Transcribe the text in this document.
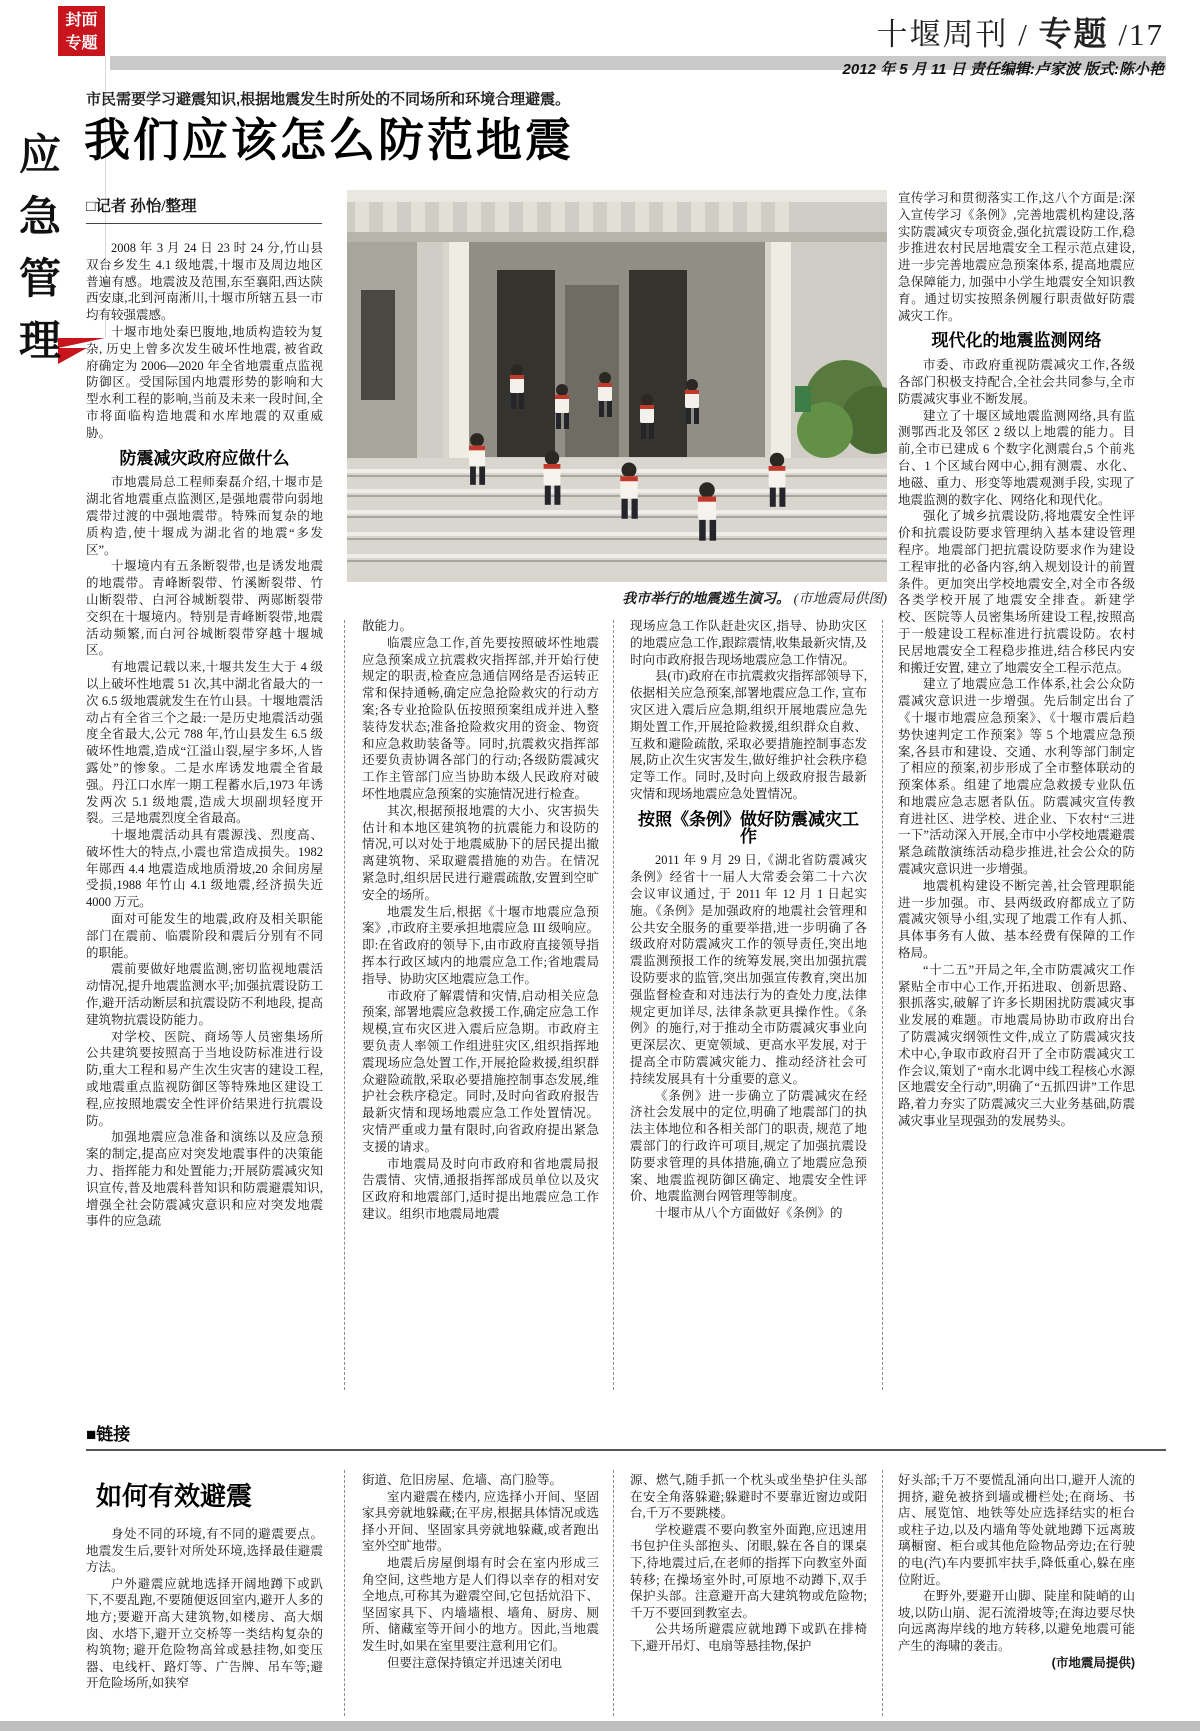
封面
专题
应急管理
十堰周刊 / 专题 /17
2012 年 5 月 11 日 责任编辑:卢家波 版式:陈小艳
市民需要学习避震知识,根据地震发生时所处的不同场所和环境合理避震。
我们应该怎么防范地震
□记者 孙怡/整理
我市举行的地震逃生演习。 (市地震局供图)

2008 年 3 月 24 日 23 时 24 分,竹山县双台乡发生 4.1 级地震,十堰市及周边地区普遍有感。地震波及范围,东至襄阳,西达陕西安康,北到河南淅川,十堰市所辖五县一市均有较强震感。

十堰市地处秦巴腹地,地质构造较为复杂, 历史上曾多次发生破坏性地震, 被省政府确定为 2006—2020 年全省地震重点监视防御区。受国际国内地震形势的影响和大型水利工程的影响,当前及未来一段时间,全市将面临构造地震和水库地震的双重威胁。

防震减灾政府应做什么

市地震局总工程师秦磊介绍,十堰市是湖北省地震重点监测区,是强地震带向弱地震带过渡的中强地震带。特殊而复杂的地质构造,使十堰成为湖北省的地震“多发区”。

十堰境内有五条断裂带,也是诱发地震的地震带。青峰断裂带、竹溪断裂带、竹山断裂带、白河谷城断裂带、两郧断裂带交织在十堰境内。特别是青峰断裂带,地震活动频繁,而白河谷城断裂带穿越十堰城区。

有地震记载以来,十堰共发生大于 4 级以上破坏性地震 51 次,其中湖北省最大的一次 6.5 级地震就发生在竹山县。十堰地震活动占有全省三个之最:一是历史地震活动强度全省最大,公元 788 年,竹山县发生 6.5 级破坏性地震,造成“江溢山裂,屋宇多坏,人皆露处”的惨象。二是水库诱发地震全省最强。丹江口水库一期工程蓄水后,1973 年诱发两次 5.1 级地震,造成大坝副坝轻度开裂。三是地震烈度全省最高。

十堰地震活动具有震源浅、烈度高、破坏性大的特点,小震也常造成损失。1982 年郧西 4.4 地震造成地质滑坡,20 余间房屋受损,1988 年竹山 4.1 级地震,经济损失近 4000 万元。

面对可能发生的地震,政府及相关职能部门在震前、临震阶段和震后分别有不同的职能。

震前要做好地震监测,密切监视地震活动情况,提升地震监测水平;加强抗震设防工作,避开活动断层和抗震设防不利地段, 提高建筑物抗震设防能力。

对学校、医院、商场等人员密集场所公共建筑要按照高于当地设防标准进行设防,重大工程和易产生次生灾害的建设工程,或地震重点监视防御区等特殊地区建设工程,应按照地震安全性评价结果进行抗震设防。

加强地震应急准备和演练以及应急预案的制定,提高应对突发地震事件的决策能力、指挥能力和处置能力;开展防震减灾知识宣传,普及地震科普知识和防震避震知识,增强全社会防震减灾意识和应对突发地震事件的应急疏

散能力。

临震应急工作,首先要按照破坏性地震应急预案成立抗震救灾指挥部,并开始行使规定的职责,检查应急通信网络是否运转正常和保持通畅,确定应急抢险救灾的行动方案;各专业抢险队伍按照预案组成并进入整装待发状态;准备抢险救灾用的资金、物资和应急救助装备等。同时,抗震救灾指挥部还要负责协调各部门的行动;各级防震减灾工作主管部门应当协助本级人民政府对破坏性地震应急预案的实施情况进行检查。

其次,根据预报地震的大小、灾害损失估计和本地区建筑物的抗震能力和设防的情况,可以对处于地震威胁下的居民提出撤离建筑物、采取避震措施的劝告。在情况紧急时,组织居民进行避震疏散,安置到空旷安全的场所。

地震发生后,根据《十堰市地震应急预案》,市政府主要承担地震应急 III 级响应。即:在省政府的领导下,由市政府直接领导指挥本行政区域内的地震应急工作;省地震局指导、协助灾区地震应急工作。

市政府了解震情和灾情,启动相关应急预案, 部署地震应急救援工作,确定应急工作规模,宣布灾区进入震后应急期。市政府主要负责人率领工作组进驻灾区,组织指挥地震现场应急处置工作,开展抢险救援,组织群众避险疏散,采取必要措施控制事态发展,维护社会秩序稳定。同时,及时向省政府报告最新灾情和现场地震应急工作处置情况。灾情严重或力量有限时,向省政府提出紧急支援的请求。

市地震局及时向市政府和省地震局报告震情、灾情,通报指挥部成员单位以及灾区政府和地震部门,适时提出地震应急工作建议。组织市地震局地震

现场应急工作队赶赴灾区,指导、协助灾区的地震应急工作,跟踪震情,收集最新灾情,及时向市政府报告现场地震应急工作情况。

县(市)政府在市抗震救灾指挥部领导下,依据相关应急预案,部署地震应急工作, 宣布灾区进入震后应急期,组织开展地震应急先期处置工作,开展抢险救援,组织群众自救、互救和避险疏散, 采取必要措施控制事态发展,防止次生灾害发生,做好维护社会秩序稳定等工作。同时,及时向上级政府报告最新灾情和现场地震应急处置情况。

按照《条例》做好防震减灾工作

2011 年 9 月 29 日,《湖北省防震减灾条例》经省十一届人大常委会第二十六次会议审议通过, 于 2011 年 12 月 1 日起实施。《条例》是加强政府的地震社会管理和公共安全服务的重要举措,进一步明确了各级政府对防震减灾工作的领导责任,突出地震监测预报工作的统筹发展,突出加强抗震设防要求的监管,突出加强宣传教育,突出加强监督检查和对违法行为的查处力度,法律规定更加详尽, 法律条款更具操作性。《条例》的施行,对于推动全市防震减灾事业向更深层次、更宽领域、更高水平发展, 对于提高全市防震减灾能力、推动经济社会可持续发展具有十分重要的意义。

《条例》进一步确立了防震减灾在经济社会发展中的定位,明确了地震部门的执法主体地位和各相关部门的职责, 规范了地震部门的行政许可项目,规定了加强抗震设防要求管理的具体措施,确立了地震应急预案、地震监视防御区确定、地震安全性评价、地震监测台网管理等制度。

十堰市从八个方面做好《条例》的

宣传学习和贯彻落实工作,这八个方面是:深入宣传学习《条例》,完善地震机构建设,落实防震减灾专项资金,强化抗震设防工作,稳步推进农村民居地震安全工程示范点建设,进一步完善地震应急预案体系, 提高地震应急保障能力, 加强中小学生地震安全知识教育。通过切实按照条例履行职责做好防震减灾工作。

现代化的地震监测网络

市委、市政府重视防震减灾工作,各级各部门积极支持配合,全社会共同参与,全市防震减灾事业不断发展。

建立了十堰区域地震监测网络,具有监测鄂西北及邻区 2 级以上地震的能力。目前,全市已建成 6 个数字化测震台,5 个前兆台、1 个区域台网中心,拥有测震、水化、地磁、重力、形变等地震观测手段, 实现了地震监测的数字化、网络化和现代化。

强化了城乡抗震设防,将地震安全性评价和抗震设防要求管理纳入基本建设管理程序。地震部门把抗震设防要求作为建设工程审批的必备内容,纳入规划设计的前置条件。更加突出学校地震安全,对全市各级各类学校开展了地震安全排查。新建学校、医院等人员密集场所建设工程,按照高于一般建设工程标准进行抗震设防。农村民居地震安全工程稳步推进,结合移民内安和搬迁安置, 建立了地震安全工程示范点。

建立了地震应急工作体系,社会公众防震减灾意识进一步增强。先后制定出台了《十堰市地震应急预案》、《十堰市震后趋势快速判定工作预案》等 5 个地震应急预案,各县市和建设、交通、水利等部门制定了相应的预案,初步形成了全市整体联动的预案体系。组建了地震应急救援专业队伍和地震应急志愿者队伍。防震减灾宣传教育进社区、进学校、进企业、下农村“三进一下”活动深入开展,全市中小学校地震避震紧急疏散演练活动稳步推进,社会公众的防震减灾意识进一步增强。

地震机构建设不断完善,社会管理职能进一步加强。市、县两级政府都成立了防震减灾领导小组,实现了地震工作有人抓、具体事务有人做、基本经费有保障的工作格局。

“十二五”开局之年,全市防震减灾工作紧贴全市中心工作,开拓进取、创新思路、狠抓落实,破解了许多长期困扰防震减灾事业发展的难题。市地震局协助市政府出台了防震减灾纲领性文件,成立了防震减灾技术中心,争取市政府召开了全市防震减灾工作会议,策划了“南水北调中线工程核心水源区地震安全行动”,明确了“五抓四讲”工作思路,着力夯实了防震减灾三大业务基础,防震减灾事业呈现强劲的发展势头。

■链接
如何有效避震

身处不同的环境,有不同的避震要点。地震发生后,要针对所处环境,选择最佳避震方法。

户外避震应就地选择开阔地蹲下或趴下,不要乱跑,不要随便返回室内,避开人多的地方;要避开高大建筑物,如楼房、高大烟囱、水塔下,避开立交桥等一类结构复杂的构筑物; 避开危险物高耸或悬挂物,如变压器、电线杆、路灯等、广告牌、吊车等;避开危险场所,如狭窄

街道、危旧房屋、危墙、高门脸等。

室内避震在楼内, 应选择小开间、坚固家具旁就地躲藏;在平房,根据具体情况或选择小开间、坚固家具旁就地躲藏,或者跑出室外空旷地带。

地震后房屋倒塌有时会在室内形成三角空间, 这些地方是人们得以幸存的相对安全地点,可称其为避震空间,它包括炕沿下、坚固家具下、内墙墙根、墙角、厨房、厕所、储藏室等开间小的地方。因此,当地震发生时,如果在室里要注意利用它们。

但要注意保持镇定并迅速关闭电

源、燃气,随手抓一个枕头或坐垫护住头部在安全角落躲避;躲避时不要靠近窗边或阳台,千万不要跳楼。

学校避震不要向教室外面跑,应迅速用书包护住头部抱头、闭眼,躲在各自的课桌下,待地震过后,在老师的指挥下向教室外面转移; 在操场室外时,可原地不动蹲下,双手保护头部。注意避开高大建筑物或危险物;千万不要回到教室去。

公共场所避震应就地蹲下或趴在排椅下,避开吊灯、电扇等悬挂物,保护

好头部;千万不要慌乱涌向出口,避开人流的拥挤, 避免被挤到墙或栅栏处;在商场、书店、展览馆、地铁等处应选择结实的柜台或柱子边,以及内墙角等处就地蹲下远离玻璃橱窗、柜台或其他危险物品旁边;在行驶的电(汽)车内要抓牢扶手,降低重心,躲在座位附近。

在野外,要避开山脚、陡崖和陡峭的山坡,以防山崩、泥石流滑坡等;在海边要尽快向远离海岸线的地方转移,以避免地震可能产生的海啸的袭击。

(市地震局提供)
